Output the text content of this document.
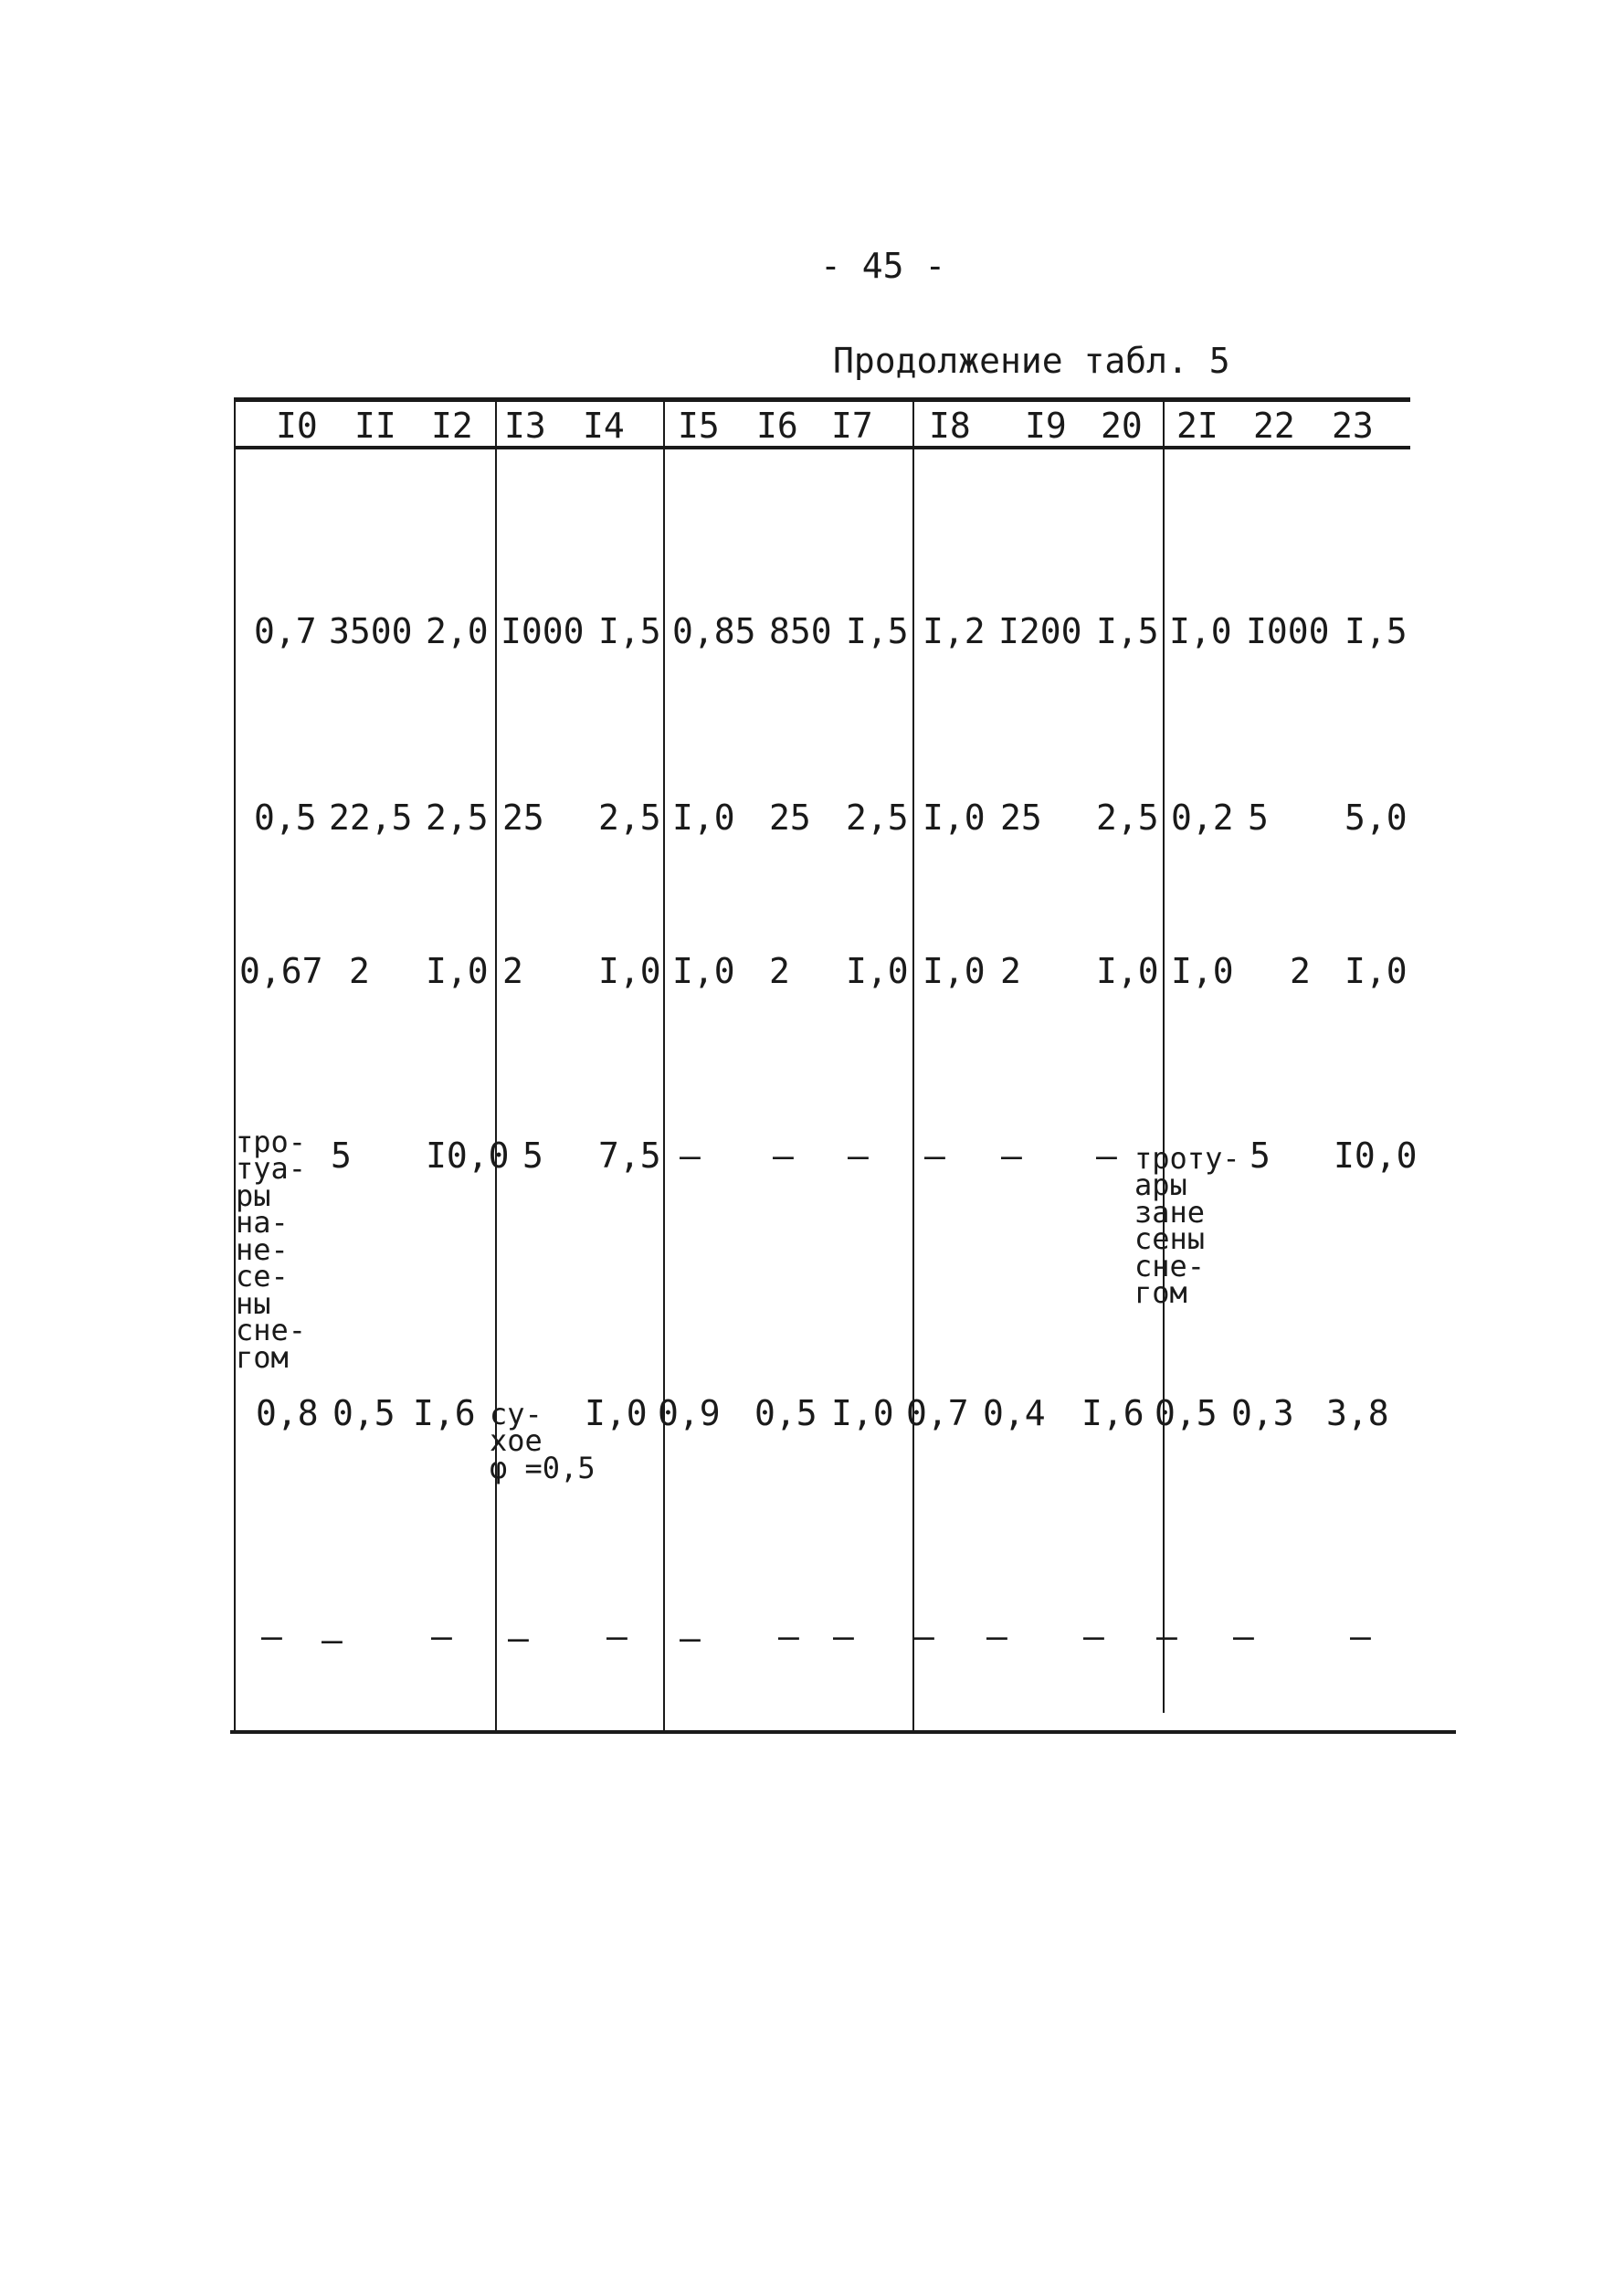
- 45 -
Продолжение табл. 5
I0 II I2 I3 I4 I5 I6 I7 I8 I9 20 2I 22 23
0,7 3500 2,0 I000 I,5 0,85 850 I,5 I,2 I200 I,5 I,0 I000 I,5
0,5 22,5 2,5 25 2,5 I,0 25 2,5 I,0 25 2,5 0,2 5 5,0
0,67 2 I,0 2 I,0 I,0 2 I,0 I,0 2 I,0 I,0 2 I,0
тро-
туа-
ры
на-
не-
се-
ны
сне-
гом
5 I0,0 5 7,5 – – – – – – троту-
ары
зане
сены
сне-
гом
5 I0,0
0,8 0,5 I,6 су-
хое
φ =0,5
I,0 0,9 0,5 I,0 0,7 0,4 I,6 0,5 0,3 3,8
– –	– – – – – – – – – – –	–
